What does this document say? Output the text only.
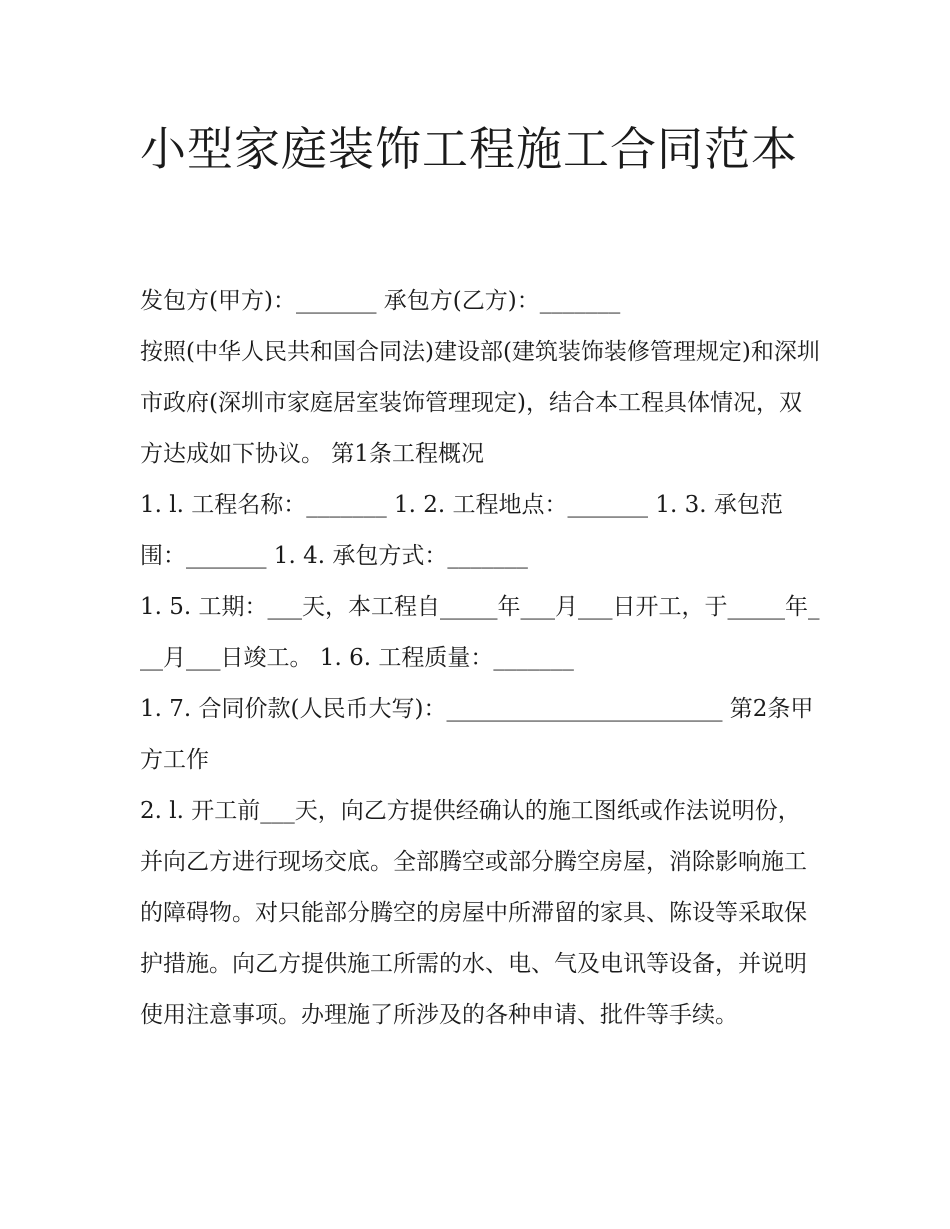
小型家庭装饰工程施工合同范本

发包方(甲方)：_______ 承包方(乙方)：_______

按照(中华人民共和国合同法)建设部(建筑装饰装修管理规定)和深圳市政府(深圳市家庭居室装饰管理现定)，结合本工程具体情况，双方达成如下协议。 第1条工程概况

1. l. 工程名称：_______ 1. 2. 工程地点：_______ 1. 3. 承包范围：_______ 1. 4. 承包方式：_______

1. 5. 工期：___天，本工程自_____年___月___日开工，于_____年___月___日竣工。 1. 6. 工程质量：_______

1. 7. 合同价款(人民币大写)：________________________ 第2条甲方工作

2. l. 开工前___天，向乙方提供经确认的施工图纸或作法说明份，并向乙方进行现场交底。全部腾空或部分腾空房屋，消除影响施工的障碍物。对只能部分腾空的房屋中所滞留的家具、陈设等采取保护措施。向乙方提供施工所需的水、电、气及电讯等设备，并说明使用注意事项。办理施了所涉及的各种申请、批件等手续。
